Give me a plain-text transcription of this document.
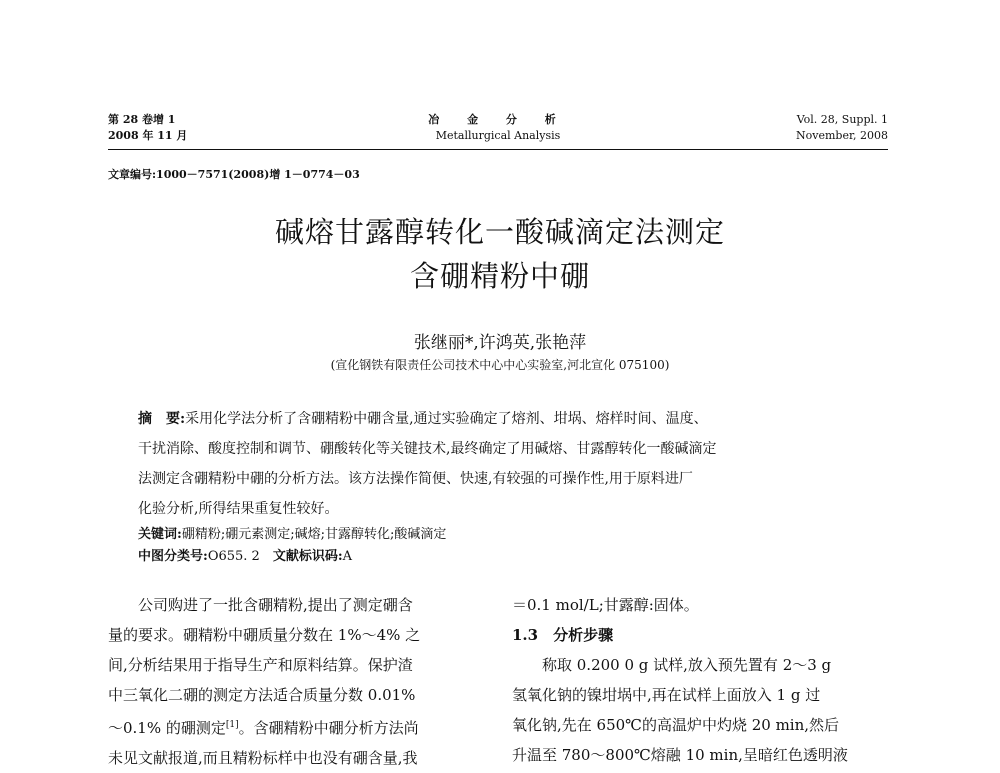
第 28 卷增 1
2008 年 11 月
冶 金 分 析
Metallurgical Analysis
Vol. 28, Suppl. 1
November, 2008
文章编号:1000－7571(2008)增 1－0774－03
碱熔甘露醇转化一酸碱滴定法测定
含硼精粉中硼
张继丽*,许鸿英,张艳萍
(宣化钢铁有限责任公司技术中心中心实验室,河北宣化 075100)
摘　要:采用化学法分析了含硼精粉中硼含量,通过实验确定了熔剂、坩埚、熔样时间、温度、
干扰消除、酸度控制和调节、硼酸转化等关键技术,最终确定了用碱熔、甘露醇转化一酸碱滴定
法测定含硼精粉中硼的分析方法。该方法操作简便、快速,有较强的可操作性,用于原料进厂
化验分析,所得结果重复性较好。
关键词:硼精粉;硼元素测定;碱熔;甘露醇转化;酸碱滴定
中图分类号:O655. 2　 文献标识码:A

　　公司购进了一批含硼精粉,提出了测定硼含

量的要求。硼精粉中硼质量分数在 1%～4% 之

间,分析结果用于指导生产和原料结算。保护渣

中三氧化二硼的测定方法适合质量分数 0.01%

～0.1% 的硼测定[1]。含硼精粉中硼分析方法尚

未见文献报道,而且精粉标样中也没有硼含量,我

＝0.1 mol/L;甘露醇:固体。

1.3　分析步骤

　　称取 0.200 0 g 试样,放入预先置有 2～3 g

氢氧化钠的镍坩埚中,再在试样上面放入 1 g 过

氧化钠,先在 650℃的高温炉中灼烧 20 min,然后

升温至 780～800℃熔融 10 min,呈暗红色透明液
